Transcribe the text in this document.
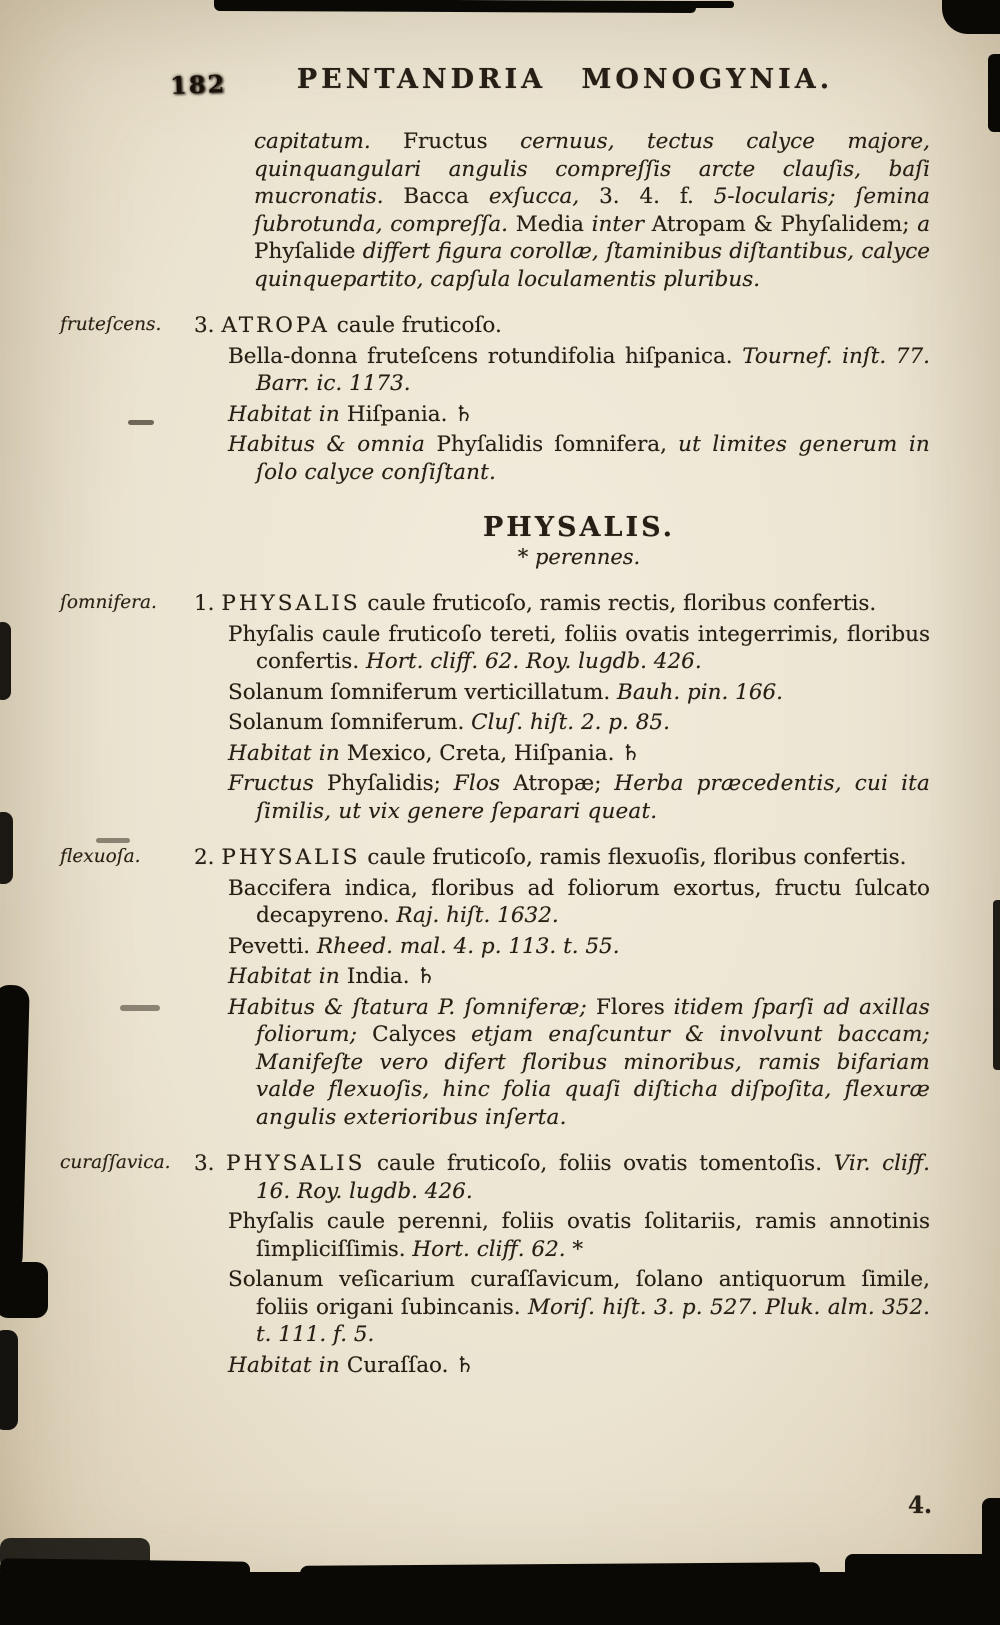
182	PENTANDRIA MONOGYNIA.

capitatum. Fructus cernuus, tectus calyce majore, quinquangulari angulis compreſſis arcte clauſis, baſi mucronatis. Bacca exſucca, 3. 4. f. 5-locularis; ſemina ſubrotunda, compreſſa. Media inter Atropam & Phyſalidem; a Phyſalide differt figura corollæ, ſtaminibus diſtantibus, calyce quinquepartito, capſula loculamentis pluribus.

fruteſcens.	3. ATROPA caule fruticoſo.

Bella-donna fruteſcens rotundifolia hiſpanica. Tournef. inſt. 77. Barr. ic. 1173.

Habitat in Hiſpania. ♄

Habitus & omnia Phyſalidis ſomnifera, ut limites generum in ſolo calyce conſiſtant.

PHYSALIS.

* perennes.

ſomnifera.	1. PHYSALIS caule fruticoſo, ramis rectis, floribus confertis.

Phyſalis caule fruticoſo tereti, foliis ovatis integerrimis, floribus confertis. Hort. cliff. 62. Roy. lugdb. 426.

Solanum ſomniferum verticillatum. Bauh. pin. 166.

Solanum ſomniferum. Cluſ. hiſt. 2. p. 85.

Habitat in Mexico, Creta, Hiſpania. ♄

Fructus Phyſalidis; Flos Atropæ; Herba præcedentis, cui ita ſimilis, ut vix genere ſeparari queat.

flexuoſa.	2. PHYSALIS caule fruticoſo, ramis flexuoſis, floribus confertis.

Baccifera indica, floribus ad foliorum exortus, fructu ſulcato decapyreno. Raj. hiſt. 1632.

Pevetti. Rheed. mal. 4. p. 113. t. 55.

Habitat in India. ♄

Habitus & ſtatura P. ſomniferæ; Flores itidem ſparſi ad axillas foliorum; Calyces etjam enaſcuntur & involvunt baccam; Manifeſte vero difert floribus minoribus, ramis bifariam valde flexuoſis, hinc folia quaſi diſticha diſpoſita, flexuræ angulis exterioribus inſerta.

curaſſavica.	3. PHYSALIS caule fruticoſo, foliis ovatis tomentoſis. Vir. cliff. 16. Roy. lugdb. 426.

Phyſalis caule perenni, foliis ovatis ſolitariis, ramis annotinis ſimpliciſſimis. Hort. cliff. 62. *

Solanum veſicarium curaſſavicum, ſolano antiquorum ſimile, foliis origani ſubincanis. Moriſ. hiſt. 3. p. 527. Pluk. alm. 352. t. 111. f. 5.

Habitat in Curaſſao. ♄

4.
